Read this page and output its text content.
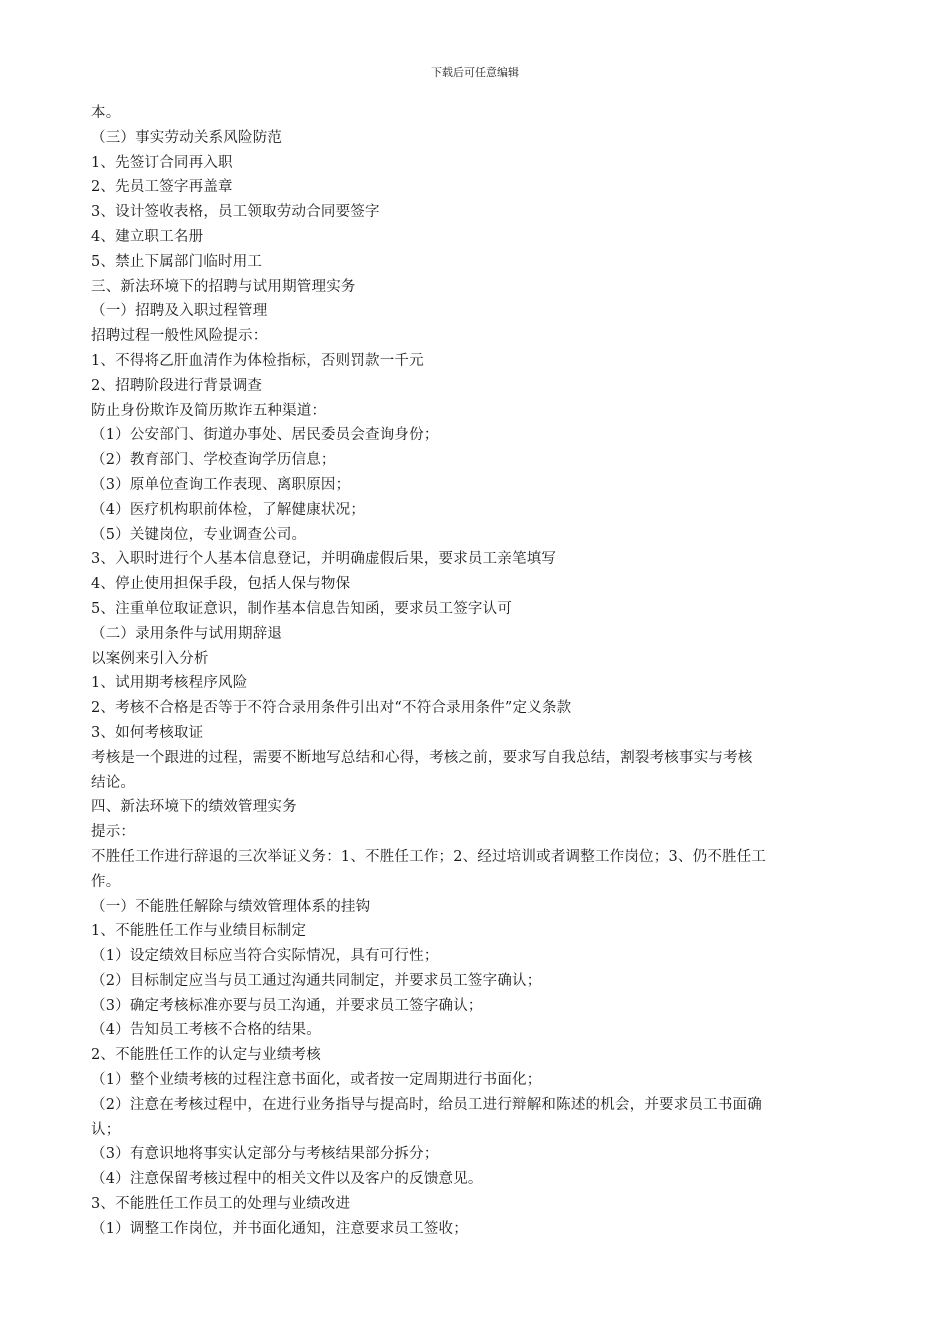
下载后可任意编辑
本。
（三）事实劳动关系风险防范
1、先签订合同再入职
2、先员工签字再盖章
3、设计签收表格，员工领取劳动合同要签字
4、建立职工名册
5、禁止下属部门临时用工
三、新法环境下的招聘与试用期管理实务
（一）招聘及入职过程管理
招聘过程一般性风险提示：
1、不得将乙肝血清作为体检指标，否则罚款一千元
2、招聘阶段进行背景调查
防止身份欺诈及简历欺诈五种渠道：
（1）公安部门、街道办事处、居民委员会查询身份；
（2）教育部门、学校查询学历信息；
（3）原单位查询工作表现、离职原因；
（4）医疗机构职前体检，了解健康状况；
（5）关键岗位，专业调查公司。
3、入职时进行个人基本信息登记，并明确虚假后果，要求员工亲笔填写
4、停止使用担保手段，包括人保与物保
5、注重单位取证意识，制作基本信息告知函，要求员工签字认可
（二）录用条件与试用期辞退
以案例来引入分析
1、试用期考核程序风险
2、考核不合格是否等于不符合录用条件引出对“不符合录用条件”定义条款
3、如何考核取证
考核是一个跟进的过程，需要不断地写总结和心得，考核之前，要求写自我总结，割裂考核事实与考核
结论。
四、新法环境下的绩效管理实务
提示：
不胜任工作进行辞退的三次举证义务：1、不胜任工作；2、经过培训或者调整工作岗位；3、仍不胜任工
作。
（一）不能胜任解除与绩效管理体系的挂钩
1、不能胜任工作与业绩目标制定
（1）设定绩效目标应当符合实际情况，具有可行性；
（2）目标制定应当与员工通过沟通共同制定，并要求员工签字确认；
（3）确定考核标准亦要与员工沟通，并要求员工签字确认；
（4）告知员工考核不合格的结果。
2、不能胜任工作的认定与业绩考核
（1）整个业绩考核的过程注意书面化，或者按一定周期进行书面化；
（2）注意在考核过程中，在进行业务指导与提高时，给员工进行辩解和陈述的机会，并要求员工书面确
认；
（3）有意识地将事实认定部分与考核结果部分拆分；
（4）注意保留考核过程中的相关文件以及客户的反馈意见。
3、不能胜任工作员工的处理与业绩改进
（1）调整工作岗位，并书面化通知，注意要求员工签收；
